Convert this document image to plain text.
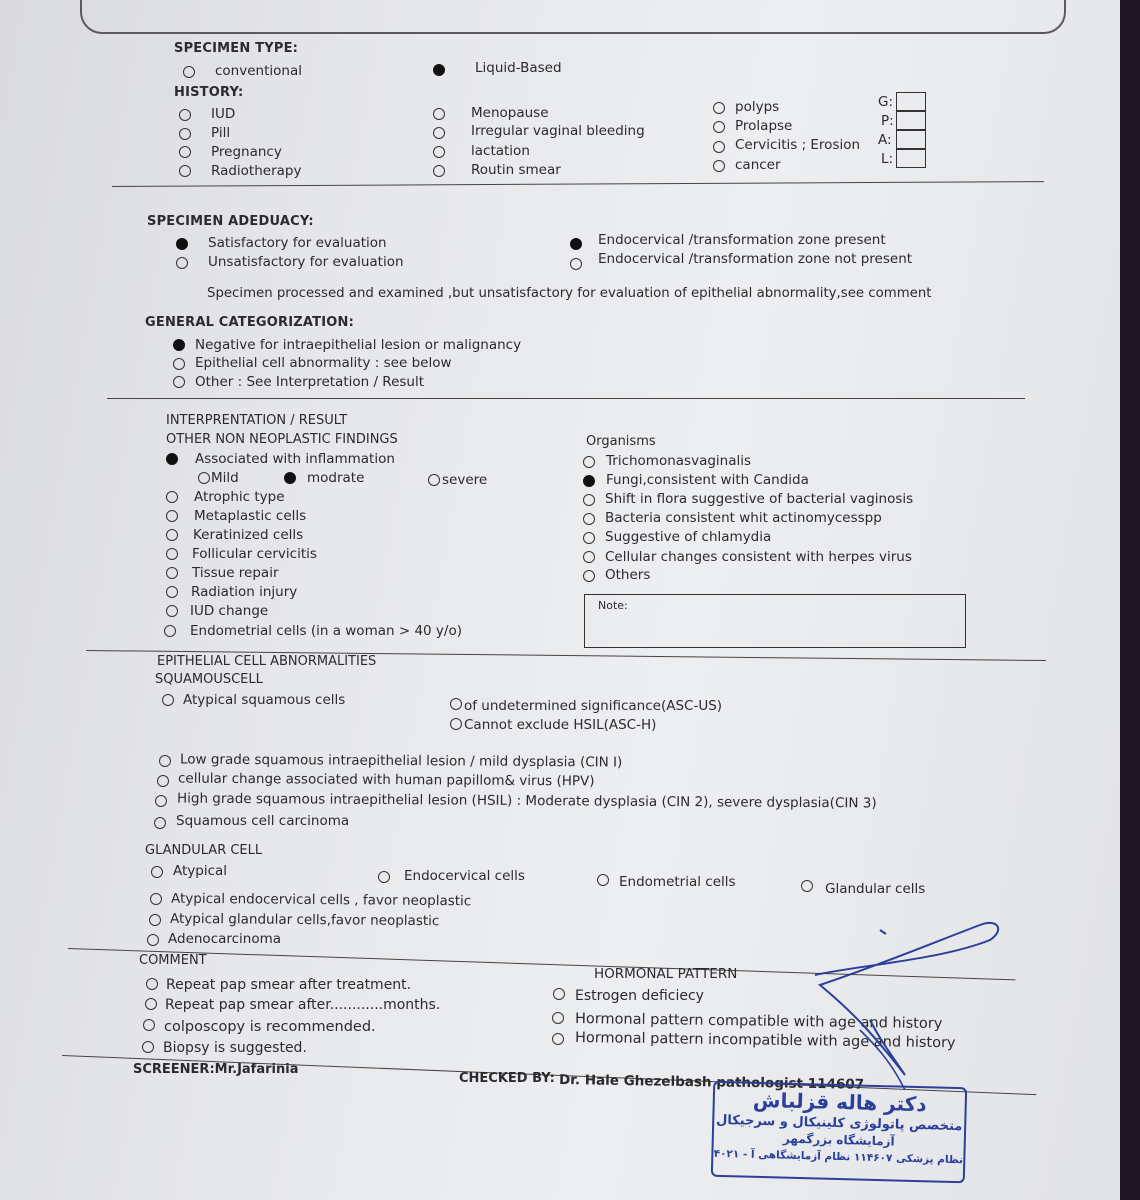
SPECIMEN TYPE:
conventional	Liquid-Based
HISTORY:
IUD
Pill
Pregnancy
Radiotherapy
Menopause
Irregular vaginal bleeding
lactation
Routin smear
polyps
Prolapse
Cervicitis ; Erosion
cancer
G:
P:
A:
L:
SPECIMEN ADEDUACY:
Satisfactory for evaluation
Unsatisfactory for evaluation
Endocervical /transformation zone present
Endocervical /transformation zone not present
Specimen processed and examined ,but unsatisfactory for evaluation of epithelial abnormality,see comment
GENERAL CATEGORIZATION:
Negative for intraepithelial lesion or malignancy
Epithelial cell abnormality : see below
Other : See Interpretation / Result
INTERPRENTATION / RESULT
OTHER NON NEOPLASTIC FINDINGS
Associated with inflammation
Mild	modrate	severe
Atrophic type
Metaplastic cells
Keratinized cells
Follicular cervicitis
Tissue repair
Radiation injury
IUD change
Endometrial cells (in a woman > 40 y/o)
Organisms
Trichomonasvaginalis
Fungi,consistent with Candida
Shift in flora suggestive of bacterial vaginosis
Bacteria consistent whit actinomycesspp
Suggestive of chlamydia
Cellular changes consistent with herpes virus
Others
Note:
EPITHELIAL CELL ABNORMALITIES
SQUAMOUSCELL
Atypical squamous cells	of undetermined significance(ASC-US)
Cannot exclude HSIL(ASC-H)
Low grade squamous intraepithelial lesion / mild dysplasia (CIN I)
cellular change associated with human papillom& virus (HPV)
High grade squamous intraepithelial lesion (HSIL) : Moderate dysplasia (CIN 2), severe dysplasia(CIN 3)
Squamous cell carcinoma
GLANDULAR CELL
Atypical	Endocervical cells	Endometrial cells	Glandular cells
Atypical endocervical cells , favor neoplastic
Atypical glandular cells,favor neoplastic
Adenocarcinoma
COMMENT
Repeat pap smear after treatment.
Repeat pap smear after............months.
colposcopy is recommended.
Biopsy is suggested.
HORMONAL PATTERN
Estrogen deficiecy
Hormonal pattern compatible with age and history
Hormonal pattern incompatible with age and history
SCREENER:Mr.Jafarinia
CHECKED BY: Dr. Hale Ghezelbash pathologist 114607
دکتر هاله قزلباش
متخصص پاتولوژی کلینیکال و سرجیکال
آزمایشگاه بزرگمهر
نظام پزشکی ۱۱۴۶۰۷ نظام آزمایشگاهی آ - ۴۰۲۱
